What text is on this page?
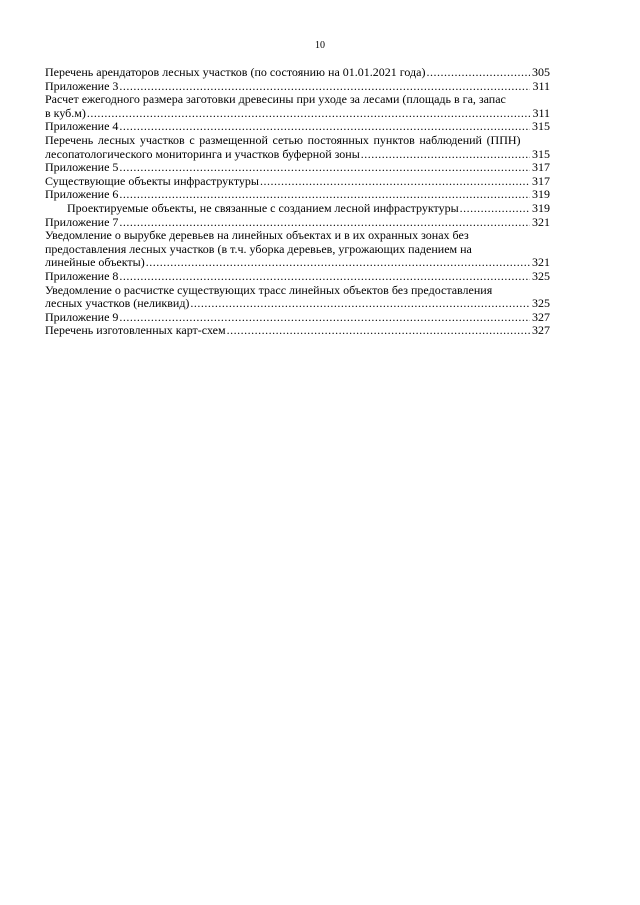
10
Перечень арендаторов лесных участков (по состоянию на 01.01.2021 года) .....	305
Приложение 3 .....	311
Расчет ежегодного размера заготовки древесины при уходе за лесами (площадь в га, запас
в куб.м) .....	311
Приложение 4 .....	315
Перечень лесных участков с размещенной сетью постоянных пунктов наблюдений (ППН)
лесопатологического мониторинга и участков буферной зоны .....	315
Приложение 5 .....	317
Существующие объекты инфраструктуры .....	317
Приложение 6 .....	319
Проектируемые объекты, не связанные с созданием лесной инфраструктуры .....	319
Приложение 7 .....	321
Уведомление о вырубке деревьев на линейных объектах и в их охранных зонах без
предоставления лесных участков (в т.ч. уборка деревьев, угрожающих падением на
линейные объекты) .....	321
Приложение 8 .....	325
Уведомление о расчистке существующих трасс линейных объектов без предоставления
лесных участков (неликвид) .....	325
Приложение 9 .....	327
Перечень изготовленных карт-схем .....	327
